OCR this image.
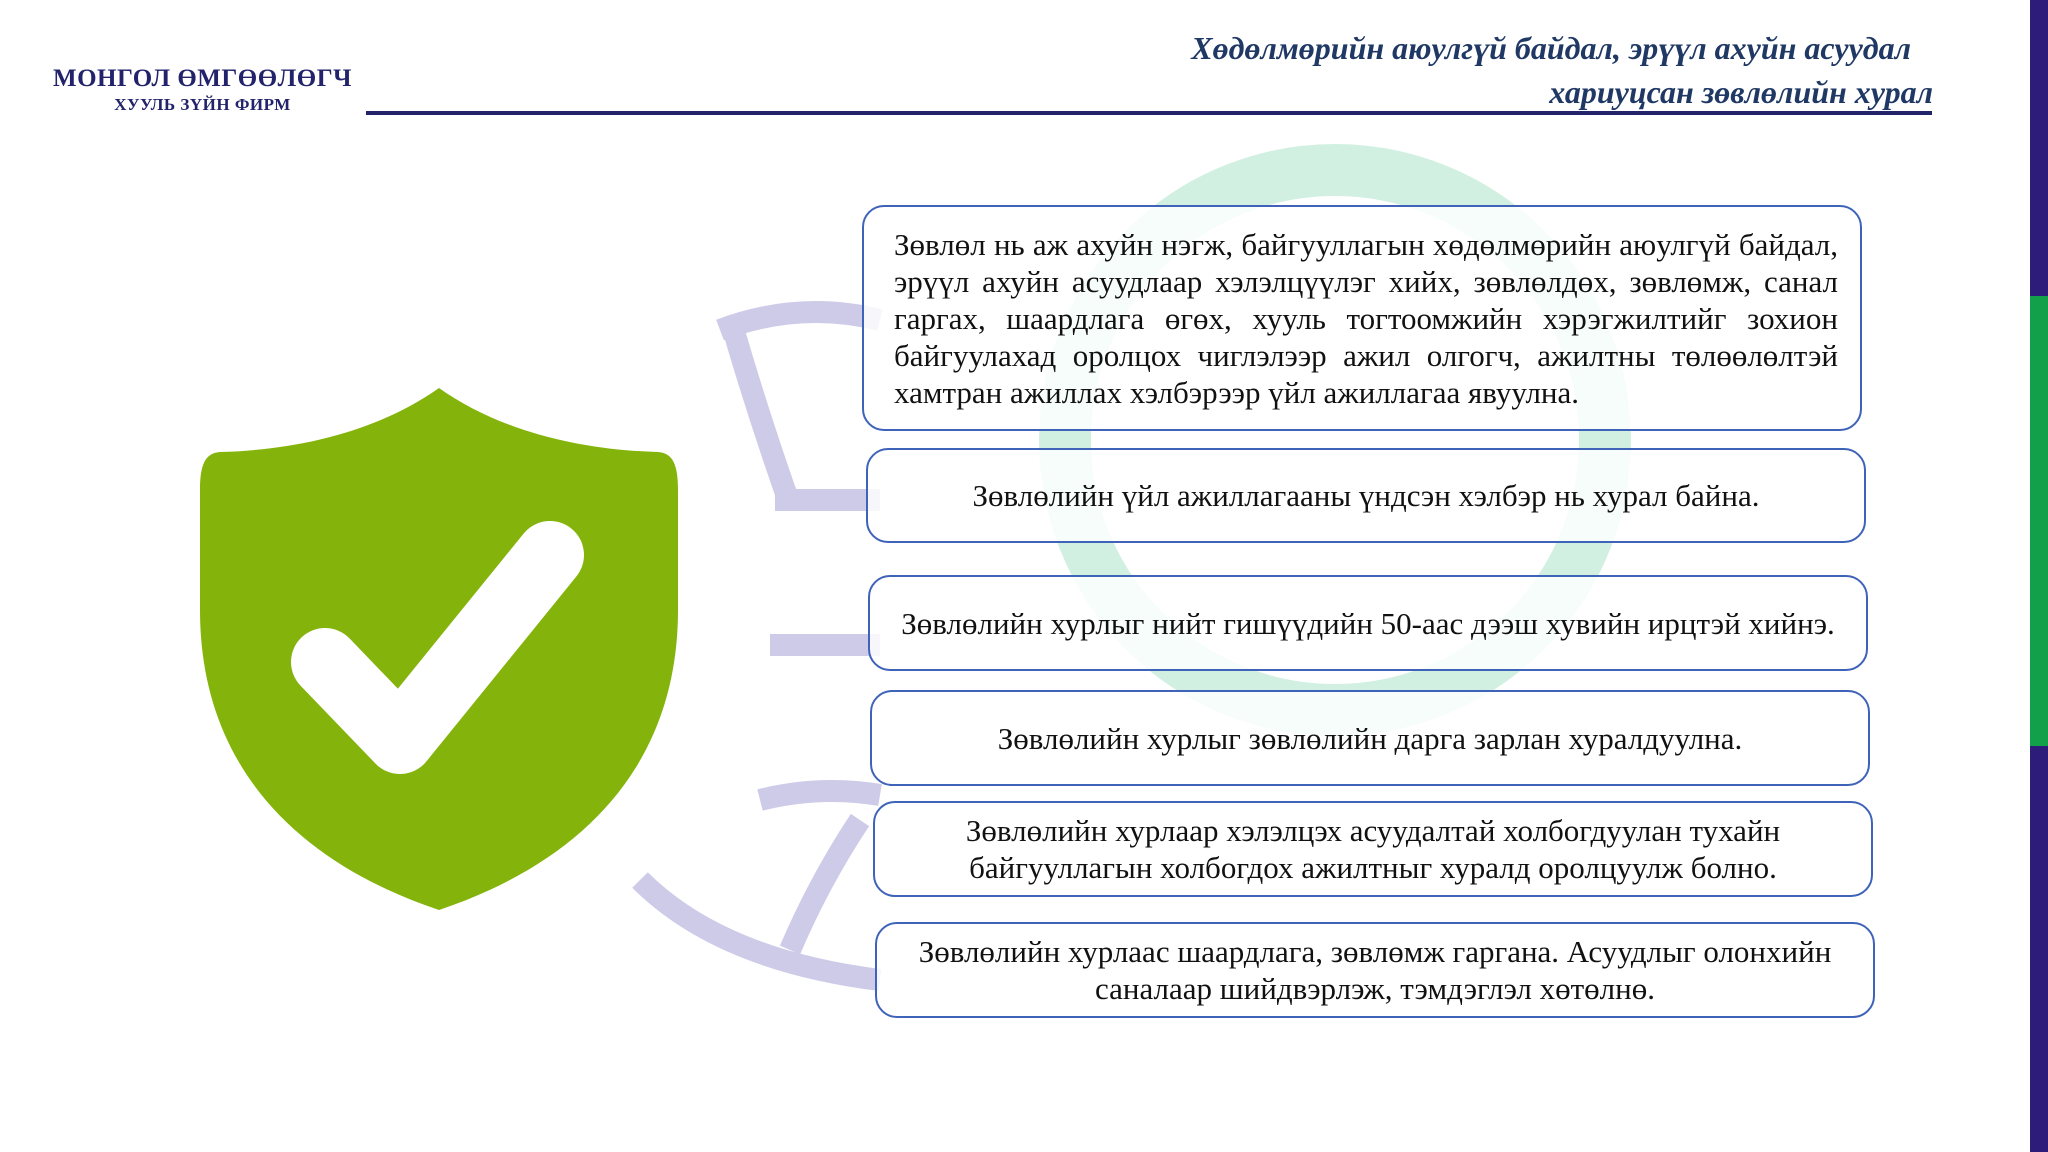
МОНГОЛ ӨМГӨӨЛӨГЧ
ХУУЛЬ ЗҮЙН ФИРМ
Хөдөлмөрийн аюулгүй байдал, эрүүл ахуйн асуудал
хариуцсан зөвлөлийн хурал
Зөвлөл нь аж ахуйн нэгж, байгууллагын хөдөлмөрийн аюулгүй байдал, эрүүл ахуйн асуудлаар хэлэлцүүлэг хийх, зөвлөлдөх, зөвлөмж, санал гаргах, шаардлага өгөх, хууль тогтоомжийн хэрэгжилтийг зохион байгуулахад оролцох чиглэлээр ажил олгогч, ажилтны төлөөлөлтэй хамтран ажиллах хэлбэрээр үйл ажиллагаа явуулна.
Зөвлөлийн үйл ажиллагааны үндсэн хэлбэр нь хурал байна.
Зөвлөлийн хурлыг нийт гишүүдийн 50-аас дээш хувийн ирцтэй хийнэ.
Зөвлөлийн хурлыг зөвлөлийн дарга зарлан хуралдуулна.
Зөвлөлийн хурлаар хэлэлцэх асуудалтай холбогдуулан тухайн байгууллагын холбогдох ажилтныг хуралд оролцуулж болно.
Зөвлөлийн хурлаас шаардлага, зөвлөмж гаргана. Асуудлыг олонхийн саналаар шийдвэрлэж, тэмдэглэл хөтөлнө.
